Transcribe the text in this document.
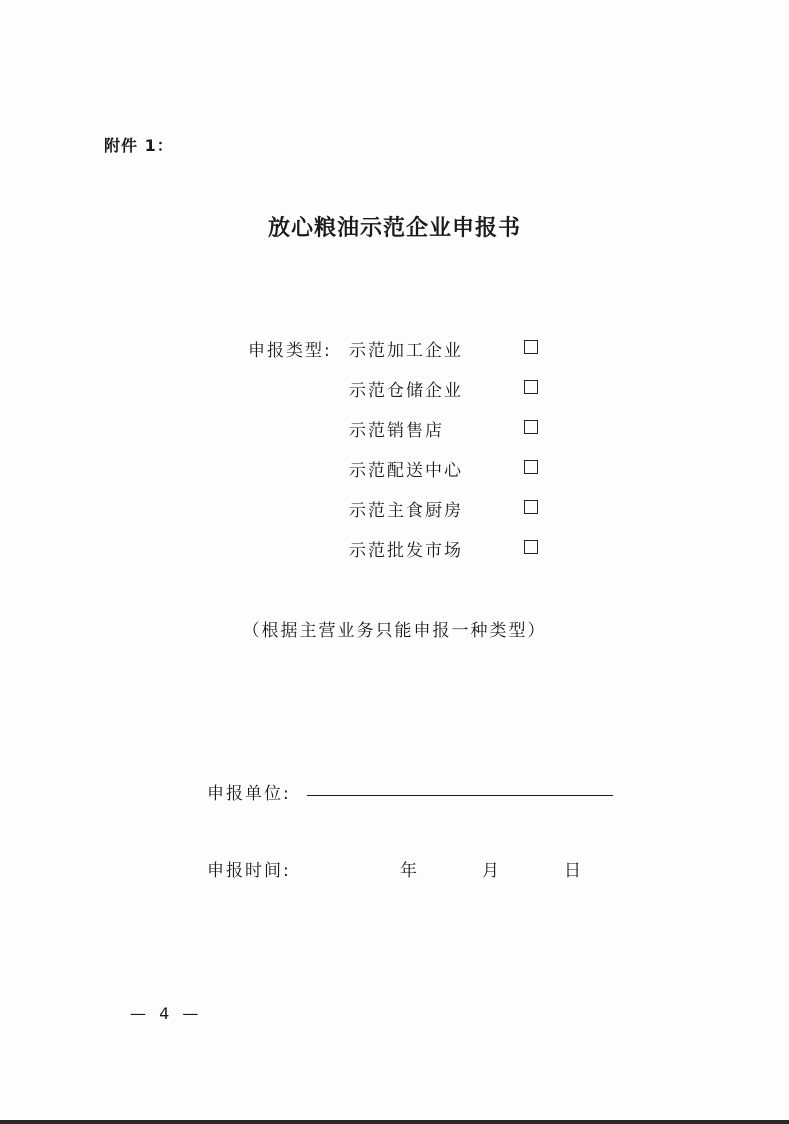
附件 1：
放心粮油示范企业申报书
申报类型: 示范加工企业
示范仓储企业
示范销售店
示范配送中心
示范主食厨房
示范批发市场
（根据主营业务只能申报一种类型）
申报单位:
申报时间:	年	月	日
— 4 —
